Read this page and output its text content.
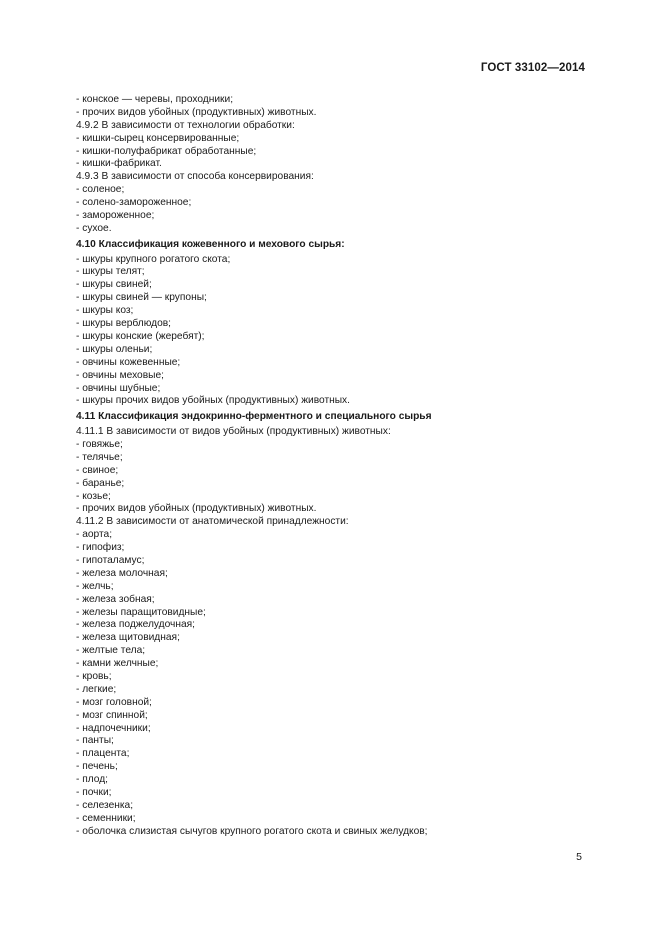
ГОСТ 33102—2014
- конское — черевы, проходники;
- прочих видов убойных (продуктивных) животных.
4.9.2 В зависимости от технологии обработки:
- кишки-сырец консервированные;
- кишки-полуфабрикат обработанные;
- кишки-фабрикат.
4.9.3 В зависимости от способа консервирования:
- соленое;
- солено-замороженное;
- замороженное;
- сухое.
4.10 Классификация кожевенного и мехового сырья:
- шкуры крупного рогатого скота;
- шкуры телят;
- шкуры свиней;
- шкуры свиней — крупоны;
- шкуры коз;
- шкуры верблюдов;
- шкуры конские (жеребят);
- шкуры оленьи;
- овчины кожевенные;
- овчины меховые;
- овчины шубные;
- шкуры прочих видов убойных (продуктивных) животных.
4.11 Классификация эндокринно-ферментного и специального сырья
4.11.1 В зависимости от видов убойных (продуктивных) животных:
- говяжье;
- телячье;
- свиное;
- баранье;
- козье;
- прочих видов убойных (продуктивных) животных.
4.11.2 В зависимости от анатомической принадлежности:
- аорта;
- гипофиз;
- гипоталамус;
- железа молочная;
- желчь;
- железа зобная;
- железы паращитовидные;
- железа поджелудочная;
- железа щитовидная;
- желтые тела;
- камни желчные;
- кровь;
- легкие;
- мозг головной;
- мозг спинной;
- надпочечники;
- панты;
- плацента;
- печень;
- плод;
- почки;
- селезенка;
- семенники;
- оболочка слизистая сычугов крупного рогатого скота и свиных желудков;
5
